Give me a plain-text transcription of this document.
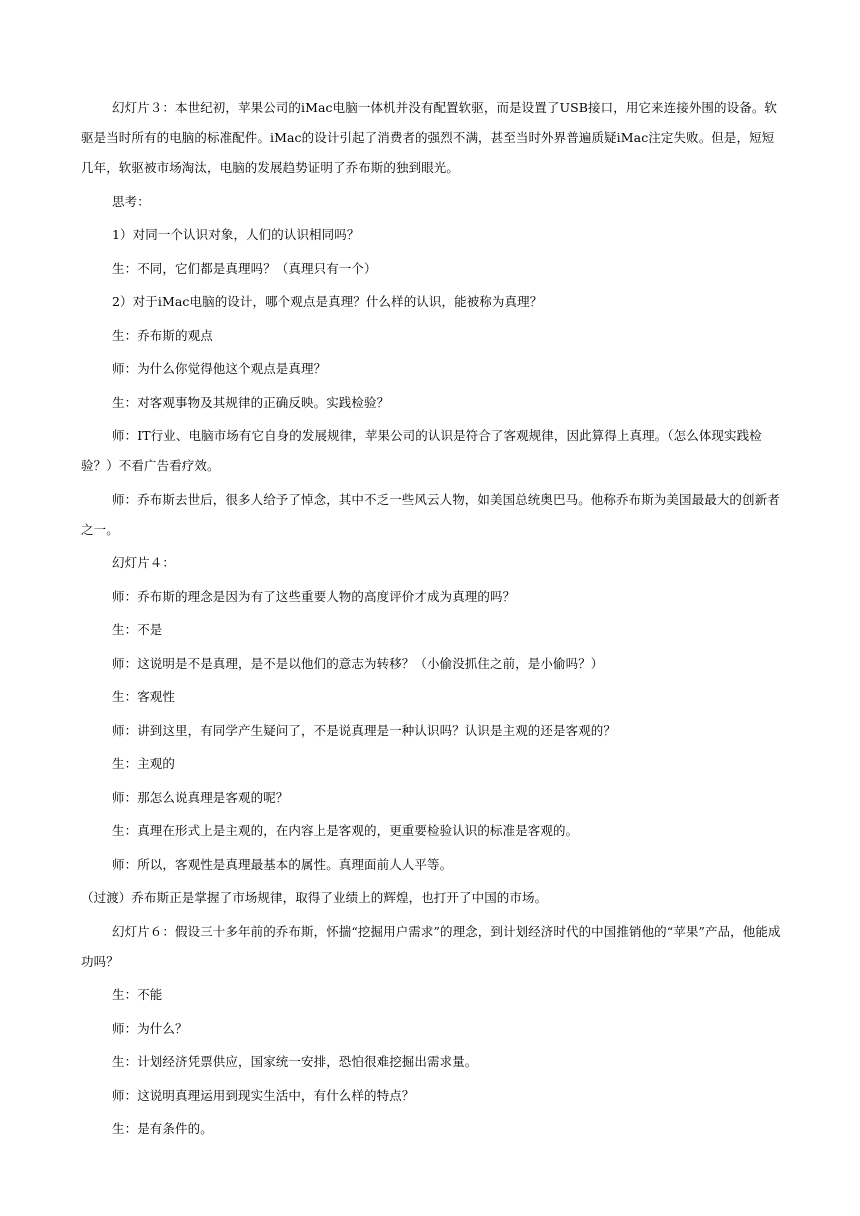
幻灯片３：本世纪初，苹果公司的iMac电脑一体机并没有配置软驱，而是设置了USB接口，用它来连接外围的设备。软驱是当时所有的电脑的标准配件。iMac的设计引起了消费者的强烈不满，甚至当时外界普遍质疑iMac注定失败。但是，短短几年，软驱被市场淘汰，电脑的发展趋势证明了乔布斯的独到眼光。

思考：

1）对同一个认识对象，人们的认识相同吗？

生：不同，它们都是真理吗？（真理只有一个）

2）对于iMac电脑的设计，哪个观点是真理？什么样的认识，能被称为真理？

生：乔布斯的观点

师：为什么你觉得他这个观点是真理？

生：对客观事物及其规律的正确反映。实践检验？

师：IT行业、电脑市场有它自身的发展规律，苹果公司的认识是符合了客观规律，因此算得上真理。（怎么体现实践检验？）不看广告看疗效。

师：乔布斯去世后，很多人给予了悼念，其中不乏一些风云人物，如美国总统奥巴马。他称乔布斯为美国最最大的创新者之一。

幻灯片４：

师：乔布斯的理念是因为有了这些重要人物的高度评价才成为真理的吗？

生：不是

师：这说明是不是真理，是不是以他们的意志为转移？（小偷没抓住之前，是小偷吗？）

生：客观性

师：讲到这里，有同学产生疑问了，不是说真理是一种认识吗？认识是主观的还是客观的？

生：主观的

师：那怎么说真理是客观的呢？

生：真理在形式上是主观的，在内容上是客观的，更重要检验认识的标准是客观的。

师：所以，客观性是真理最基本的属性。真理面前人人平等。

（过渡）乔布斯正是掌握了市场规律，取得了业绩上的辉煌，也打开了中国的市场。

幻灯片６：假设三十多年前的乔布斯，怀揣“挖掘用户需求”的理念，到计划经济时代的中国推销他的“苹果”产品，他能成功吗？

生：不能

师：为什么？

生：计划经济凭票供应，国家统一安排，恐怕很难挖掘出需求量。

师：这说明真理运用到现实生活中，有什么样的特点？

生：是有条件的。
